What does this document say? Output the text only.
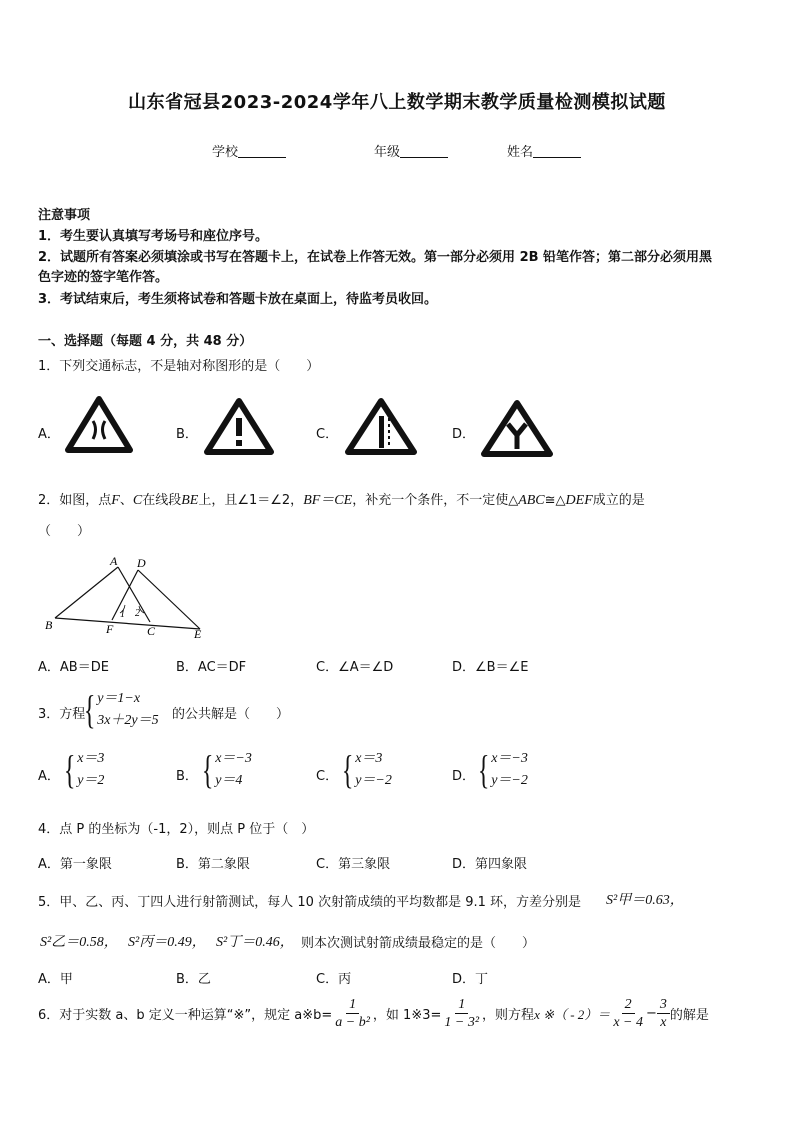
山东省冠县2023-2024学年八上数学期末教学质量检测模拟试题
学校	年级	姓名
注意事项
1．考生要认真填写考场号和座位序号。
2．试题所有答案必须填涂或书写在答题卡上，在试卷上作答无效。第一部分必须用 2B 铅笔作答；第二部分必须用黑
色字迹的签字笔作答。
3．考试结束后，考生须将试卷和答题卡放在桌面上，待监考员收回。
一、选择题（每题 4 分，共 48 分）
1．下列交通标志，不是轴对称图形的是（　　）
A．	B．	C．	D．
2．如图，点F、C在线段BE上，且∠1＝∠2，BF＝CE，补充一个条件，不一定使△ABC≅△DEF成立的是
（　　）
A D
B	F	C	E
1 2
A．AB＝DE	B．AC＝DF	C．∠A＝∠D	D．∠B＝∠E
3．方程
{ y＝1−x
3x＋2y＝5 的公共解是（　　）
A． { x＝3
y＝2	B． { x＝−3
y＝4	C． { x＝3
y＝−2	D． { x＝−3
y＝−2
4．点 P 的坐标为（-1，2），则点 P 位于（　）
A．第一象限	B．第二象限	C．第三象限	D．第四象限
5．甲、乙、丙、丁四人进行射箭测试，每人 10 次射箭成绩的平均数都是 9.1 环，方差分别是 S²甲＝0.63，
S²乙＝0.58， S²丙＝0.49， S²丁＝0.46， 则本次测试射箭成绩最稳定的是（　　）
A．甲	B．乙	C．丙	D．丁
6．对于实数 a、b 定义一种运算“※”，规定 a※b= $\frac{1}{\text{a − b²}}$ ，如 1※3= $\frac{1}{\text{1 − 3²}}$ ，则方程 x ※（ - $2)= \frac{2}{x - 4} - \frac{3}{x}$ 的解是
